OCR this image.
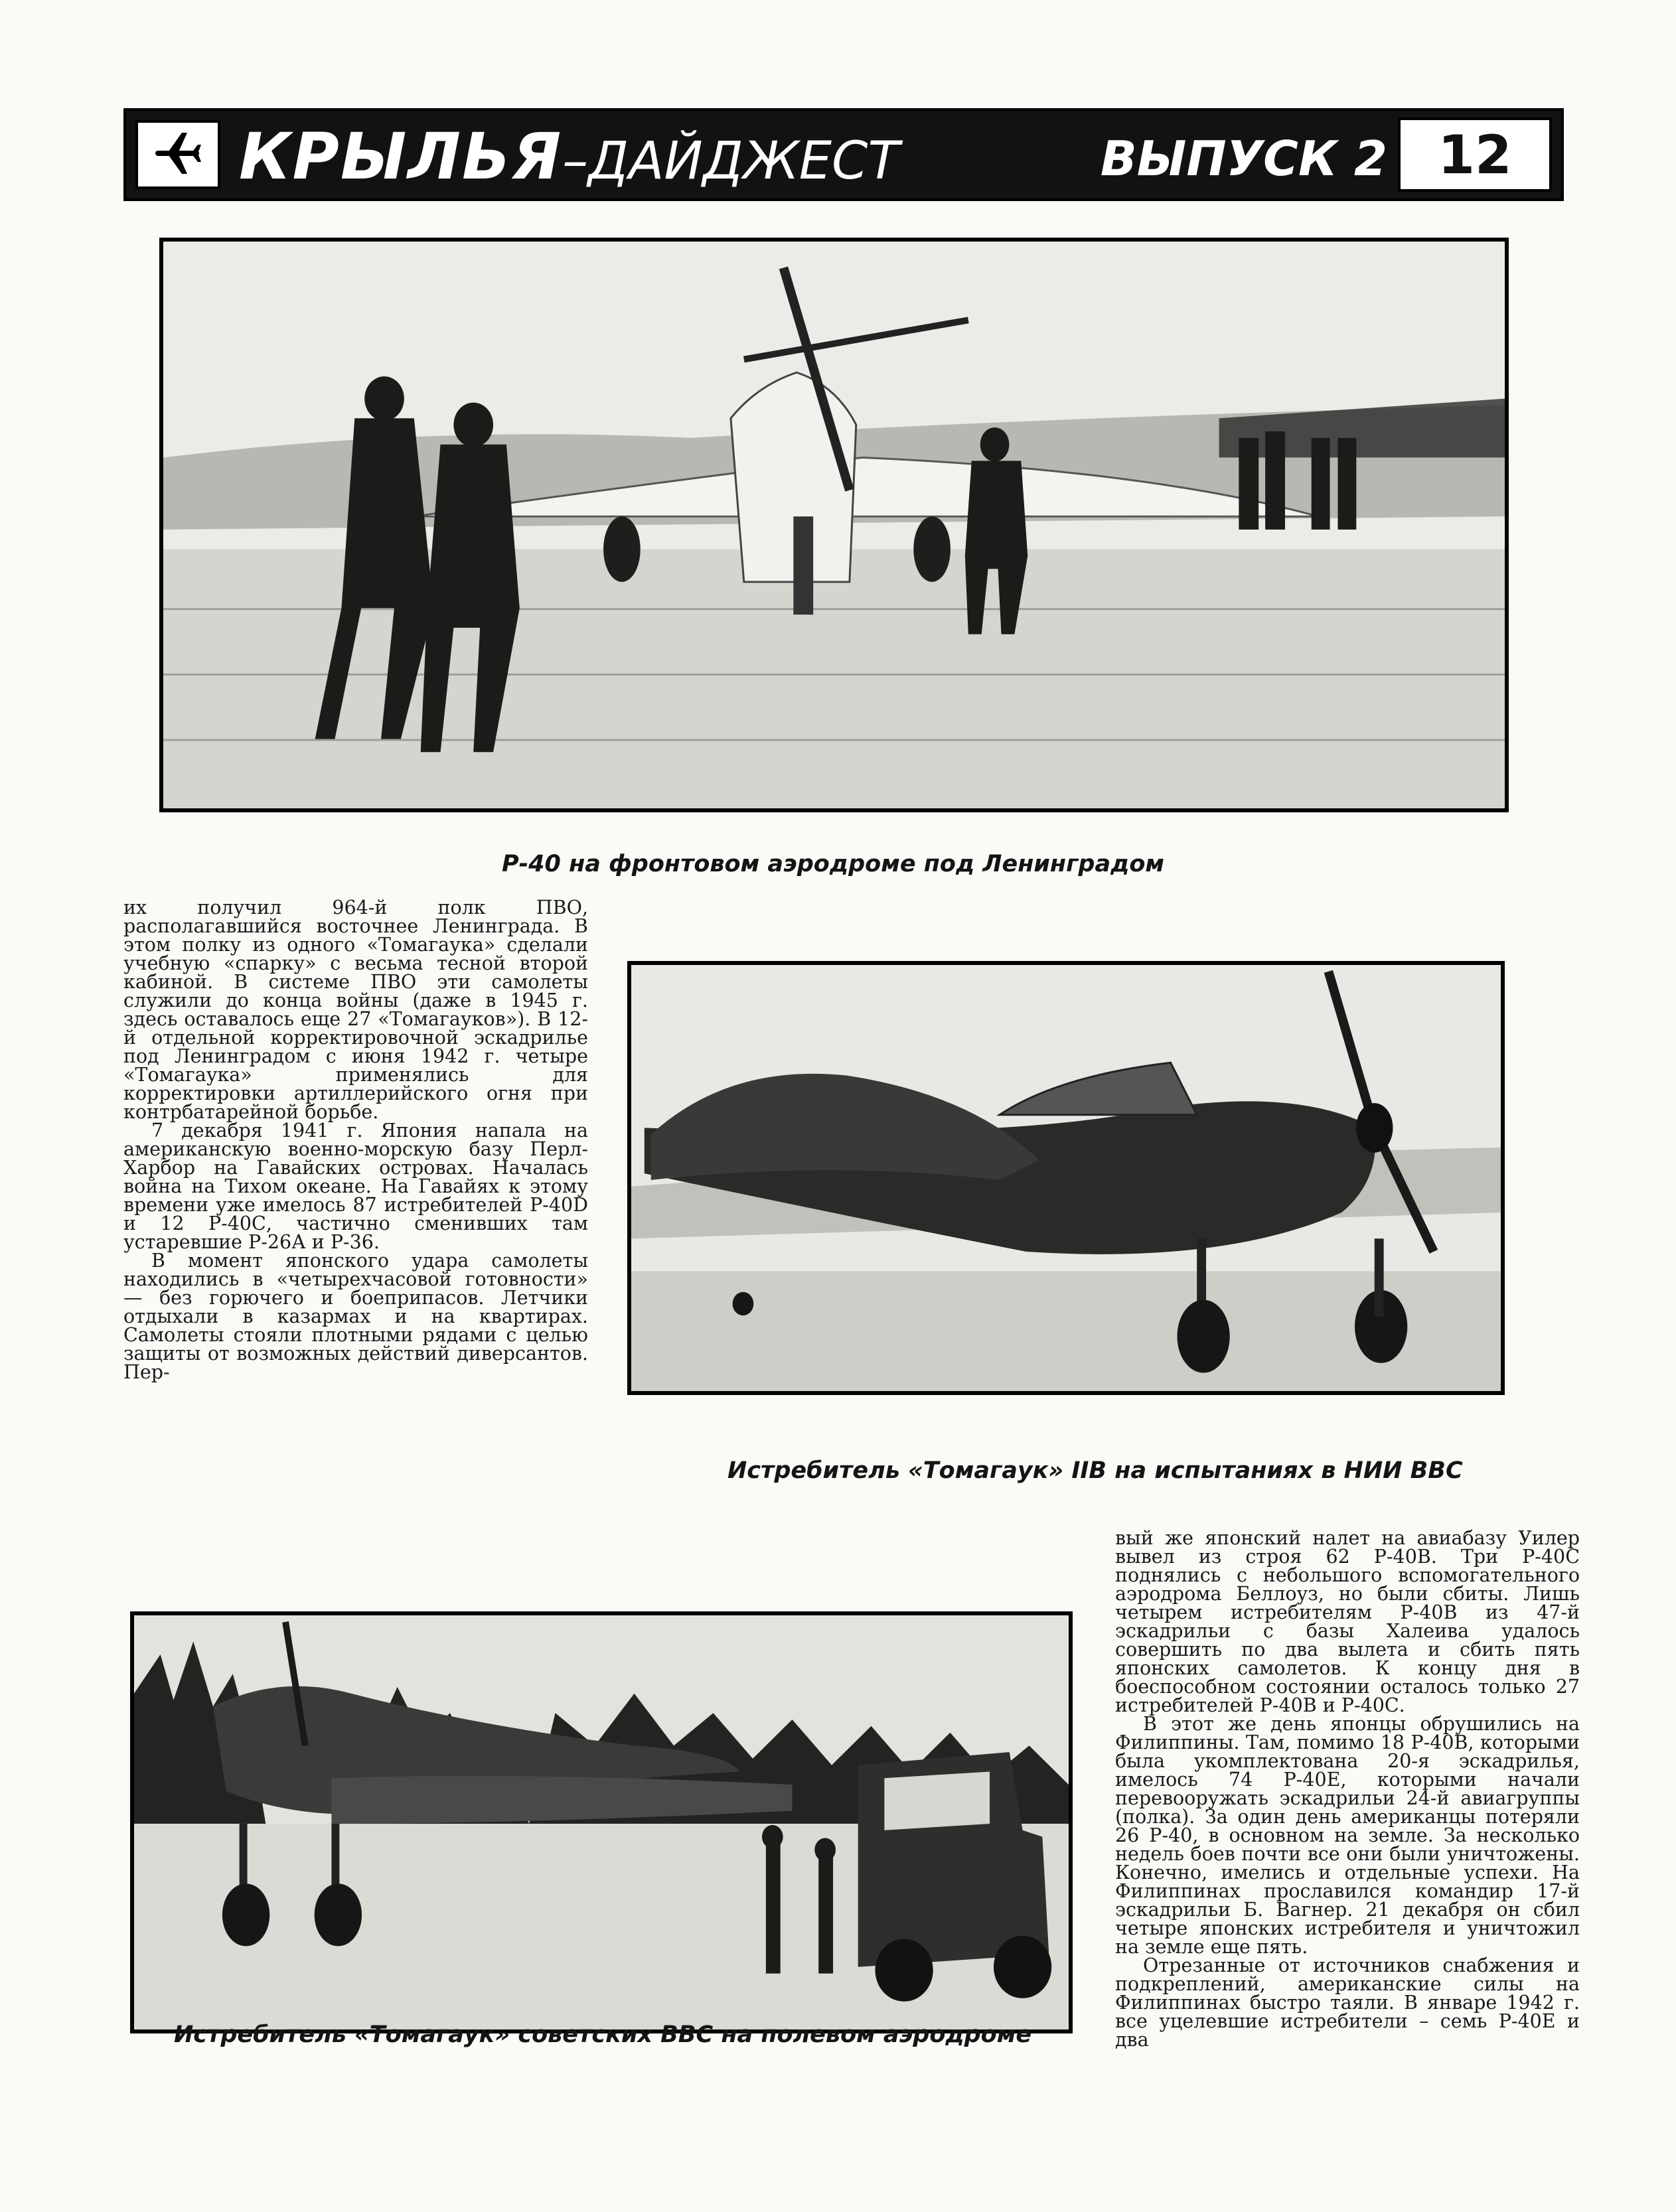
КРЫЛЬЯ–ДАЙДЖЕСТ	ВЫПУСК 2 12
Р-40 на фронтовом аэродроме под Ленинградом

их получил 964-й полк ПВО, располагавшийся восточнее Ленинграда. В этом полку из одного «Томагаука» сделали учебную «спарку» с весьма тесной второй кабиной. В системе ПВО эти самолеты служили до конца войны (даже в 1945 г. здесь оставалось еще 27 «Томагауков»). В 12-й отдельной корректировочной эскадрилье под Ленинградом с июня 1942 г. четыре «Томагаука» применялись для корректировки артиллерийского огня при контрбатарейной борьбе.

7 декабря 1941 г. Япония напала на американскую военно-морскую базу Перл-Харбор на Гавайских островах. Началась война на Тихом океане. На Гавайях к этому времени уже имелось 87 истребителей Р-40D и 12 Р-40С, частично сменивших там устаревшие Р-26А и Р-36.

В момент японского удара самолеты находились в «четырехчасовой готовности» — без горючего и боеприпасов. Летчики отдыхали в казармах и на квартирах. Самолеты стояли плотными рядами с целью защиты от возможных действий диверсантов. Пер-

Истребитель «Томагаук» IIB на испытаниях в НИИ ВВС
Истребитель «Томагаук» советских ВВС на полевом аэродроме

вый же японский налет на авиабазу Уилер вывел из строя 62 Р-40В. Три Р-40С поднялись с небольшого вспомогательного аэродрома Беллоуз, но были сбиты. Лишь четырем истребителям Р-40В из 47-й эскадрильи с базы Халеива удалось совершить по два вылета и сбить пять японских самолетов. К концу дня в боеспособном состоянии осталось только 27 истребителей Р-40В и Р-40С.

В этот же день японцы обрушились на Филиппины. Там, помимо 18 Р-40В, которыми была укомплектована 20-я эскадрилья, имелось 74 Р-40Е, которыми начали перевооружать эскадрильи 24-й авиагруппы (полка). За один день американцы потеряли 26 Р-40, в основном на земле. За несколько недель боев почти все они были уничтожены. Конечно, имелись и отдельные успехи. На Филиппинах прославился командир 17-й эскадрильи Б. Вагнер. 21 декабря он сбил четыре японских истребителя и уничтожил на земле еще пять.

Отрезанные от источников снабжения и подкреплений, американские силы на Филиппинах быстро таяли. В январе 1942 г. все уцелевшие истребители – семь Р-40Е и два
